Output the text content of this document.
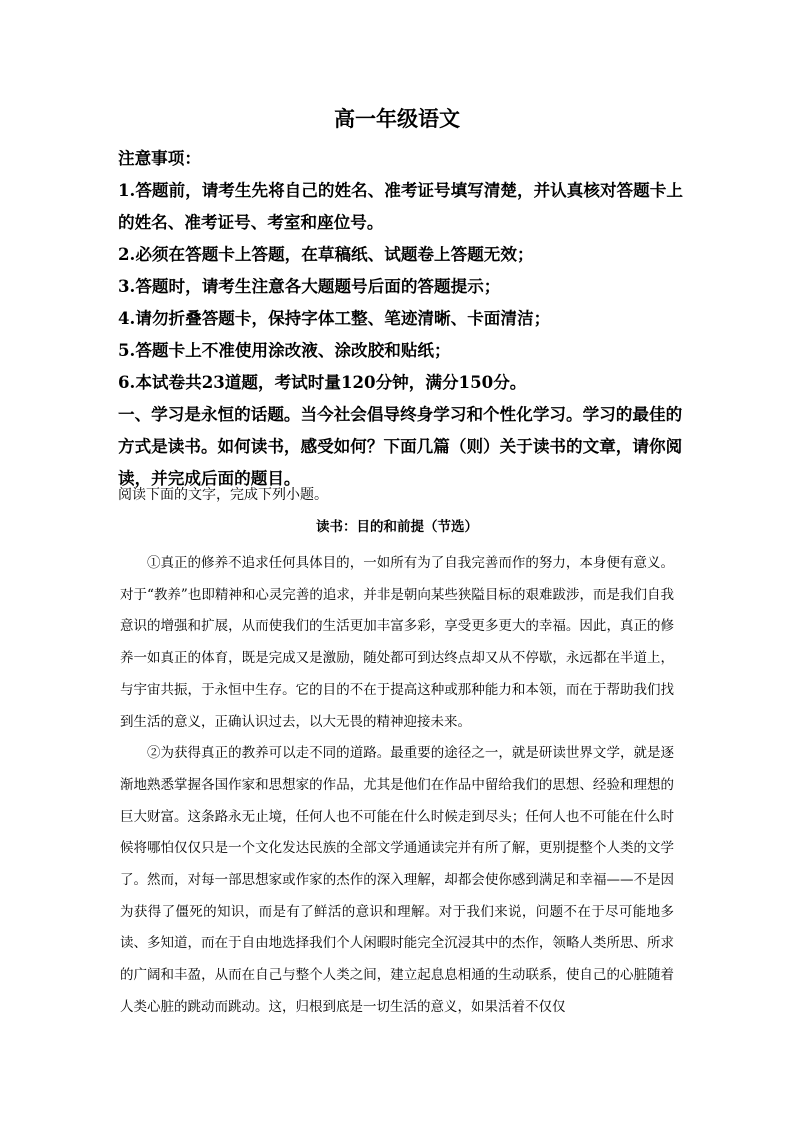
高一年级语文
注意事项：
1.答题前，请考生先将自己的姓名、准考证号填写清楚，并认真核对答题卡上
的姓名、准考证号、考室和座位号。
2.必须在答题卡上答题，在草稿纸、试题卷上答题无效；
3.答题时，请考生注意各大题题号后面的答题提示；
4.请勿折叠答题卡，保持字体工整、笔迹清晰、卡面清洁；
5.答题卡上不准使用涂改液、涂改胶和贴纸；
6.本试卷共23道题，考试时量120分钟，满分150分。
一、学习是永恒的话题。当今社会倡导终身学习和个性化学习。学习的最佳的
方式是读书。如何读书，感受如何？下面几篇（则）关于读书的文章，请你阅
读，并完成后面的题目。
阅读下面的文字，完成下列小题。
读书：目的和前提（节选）

①真正的修养不追求任何具体目的，一如所有为了自我完善而作的努力，本身便有意义。对于“教养”也即精神和心灵完善的追求，并非是朝向某些狭隘目标的艰难跋涉，而是我们自我意识的增强和扩展，从而使我们的生活更加丰富多彩，享受更多更大的幸福。因此，真正的修养一如真正的体育，既是完成又是激励，随处都可到达终点却又从不停歇，永远都在半道上，与宇宙共振，于永恒中生存。它的目的不在于提高这种或那种能力和本领，而在于帮助我们找到生活的意义，正确认识过去，以大无畏的精神迎接未来。

②为获得真正的教养可以走不同的道路。最重要的途径之一，就是研读世界文学，就是逐渐地熟悉掌握各国作家和思想家的作品，尤其是他们在作品中留给我们的思想、经验和理想的巨大财富。这条路永无止境，任何人也不可能在什么时候走到尽头；任何人也不可能在什么时候将哪怕仅仅只是一个文化发达民族的全部文学通通读完并有所了解，更别提整个人类的文学了。然而，对每一部思想家或作家的杰作的深入理解，却都会使你感到满足和幸福——不是因为获得了僵死的知识，而是有了鲜活的意识和理解。对于我们来说，问题不在于尽可能地多读、多知道，而在于自由地选择我们个人闲暇时能完全沉浸其中的杰作，领略人类所思、所求的广阔和丰盈，从而在自己与整个人类之间，建立起息息相通的生动联系，使自己的心脏随着人类心脏的跳动而跳动。这，归根到底是一切生活的意义，如果活着不仅仅
